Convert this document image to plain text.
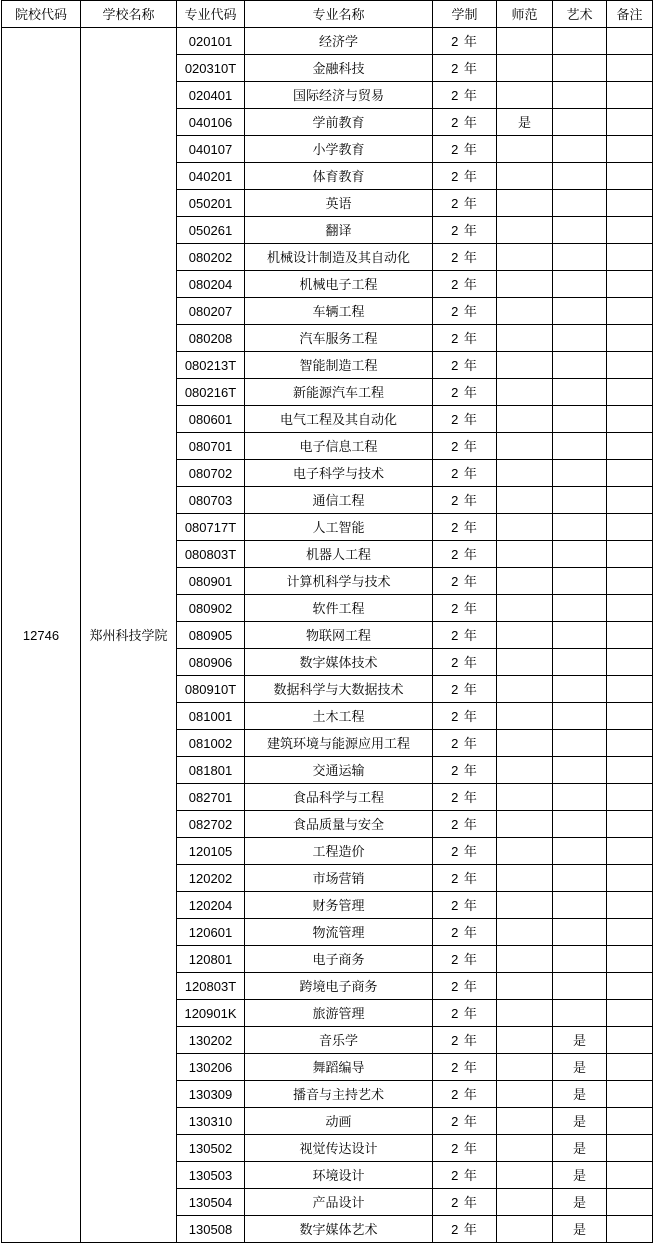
院校代码	学校名称	专业代码	专业名称	学制	师范	艺术	备注
12746	郑州科技学院	020101	经济学	2 年			
		020310T	金融科技	2 年			
		020401	国际经济与贸易	2 年			
		040106	学前教育	2 年	是		
		040107	小学教育	2 年			
		040201	体育教育	2 年			
		050201	英语	2 年			
		050261	翻译	2 年			
		080202	机械设计制造及其自动化	2 年			
		080204	机械电子工程	2 年			
		080207	车辆工程	2 年			
		080208	汽车服务工程	2 年			
		080213T	智能制造工程	2 年			
		080216T	新能源汽车工程	2 年			
		080601	电气工程及其自动化	2 年			
		080701	电子信息工程	2 年			
		080702	电子科学与技术	2 年			
		080703	通信工程	2 年			
		080717T	人工智能	2 年			
		080803T	机器人工程	2 年			
		080901	计算机科学与技术	2 年			
		080902	软件工程	2 年			
		080905	物联网工程	2 年			
		080906	数字媒体技术	2 年			
		080910T	数据科学与大数据技术	2 年			
		081001	土木工程	2 年			
		081002	建筑环境与能源应用工程	2 年			
		081801	交通运输	2 年			
		082701	食品科学与工程	2 年			
		082702	食品质量与安全	2 年			
		120105	工程造价	2 年			
		120202	市场营销	2 年			
		120204	财务管理	2 年			
		120601	物流管理	2 年			
		120801	电子商务	2 年			
		120803T	跨境电子商务	2 年			
		120901K	旅游管理	2 年			
		130202	音乐学	2 年		是	
		130206	舞蹈编导	2 年		是	
		130309	播音与主持艺术	2 年		是	
		130310	动画	2 年		是	
		130502	视觉传达设计	2 年		是	
		130503	环境设计	2 年		是	
		130504	产品设计	2 年		是	
		130508	数字媒体艺术	2 年		是	
